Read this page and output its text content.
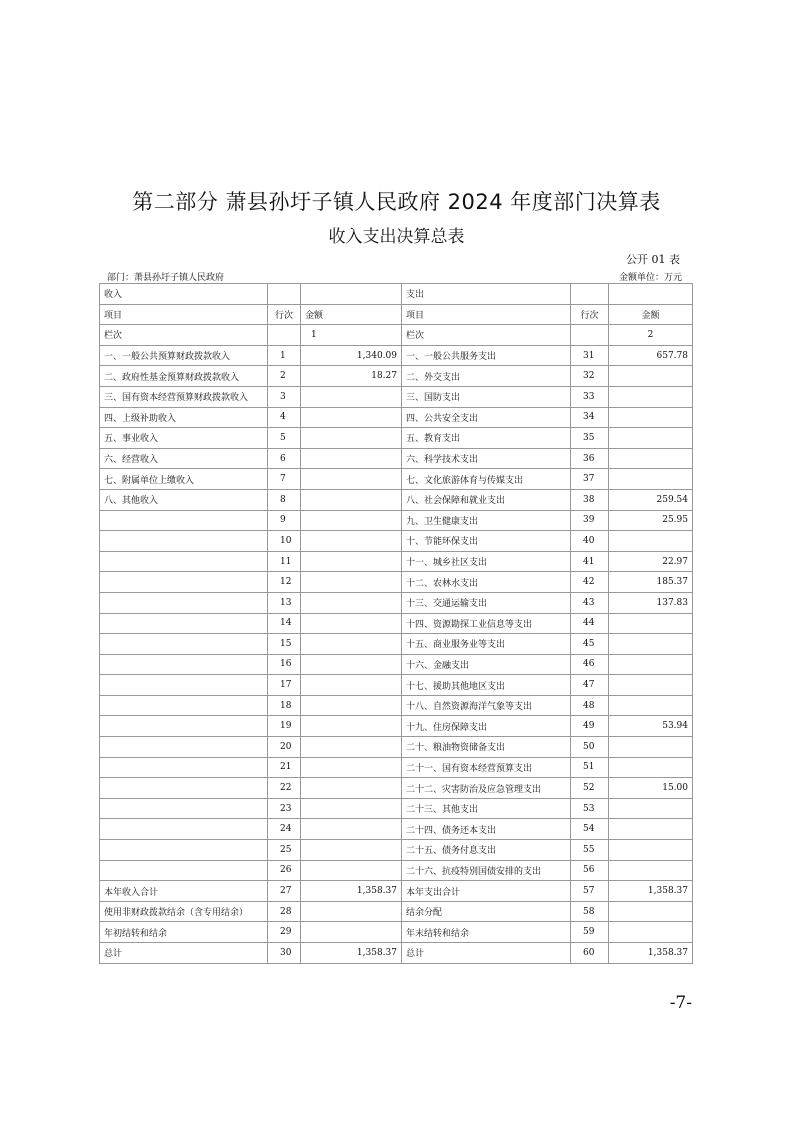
第二部分 萧县孙圩子镇人民政府 2024 年度部门决算表
收入支出决算总表
公开 01 表
部门：萧县孙圩子镇人民政府	金额单位：万元
收入			支出		
项目	行次	金额	项目	行次	金额
栏次		1	栏次		2
一、一般公共预算财政拨款收入	1	1,340.09	一、一般公共服务支出	31	657.78
二、政府性基金预算财政拨款收入	2	18.27	二、外交支出	32	
三、国有资本经营预算财政拨款收入	3		三、国防支出	33	
四、上级补助收入	4		四、公共安全支出	34	
五、事业收入	5		五、教育支出	35	
六、经营收入	6		六、科学技术支出	36	
七、附属单位上缴收入	7		七、文化旅游体育与传媒支出	37	
八、其他收入	8		八、社会保障和就业支出	38	259.54
	9		九、卫生健康支出	39	25.95
	10		十、节能环保支出	40	
	11		十一、城乡社区支出	41	22.97
	12		十二、农林水支出	42	185.37
	13		十三、交通运输支出	43	137.83
	14		十四、资源勘探工业信息等支出	44	
	15		十五、商业服务业等支出	45	
	16		十六、金融支出	46	
	17		十七、援助其他地区支出	47	
	18		十八、自然资源海洋气象等支出	48	
	19		十九、住房保障支出	49	53.94
	20		二十、粮油物资储备支出	50	
	21		二十一、国有资本经营预算支出	51	
	22		二十二、灾害防治及应急管理支出	52	15.00
	23		二十三、其他支出	53	
	24		二十四、债务还本支出	54	
	25		二十五、债务付息支出	55	
	26		二十六、抗疫特别国债安排的支出	56	
本年收入合计	27	1,358.37	本年支出合计	57	1,358.37
使用非财政拨款结余（含专用结余）	28		结余分配	58	
年初结转和结余	29		年末结转和结余	59	
总计	30	1,358.37	总计	60	1,358.37
-7-
